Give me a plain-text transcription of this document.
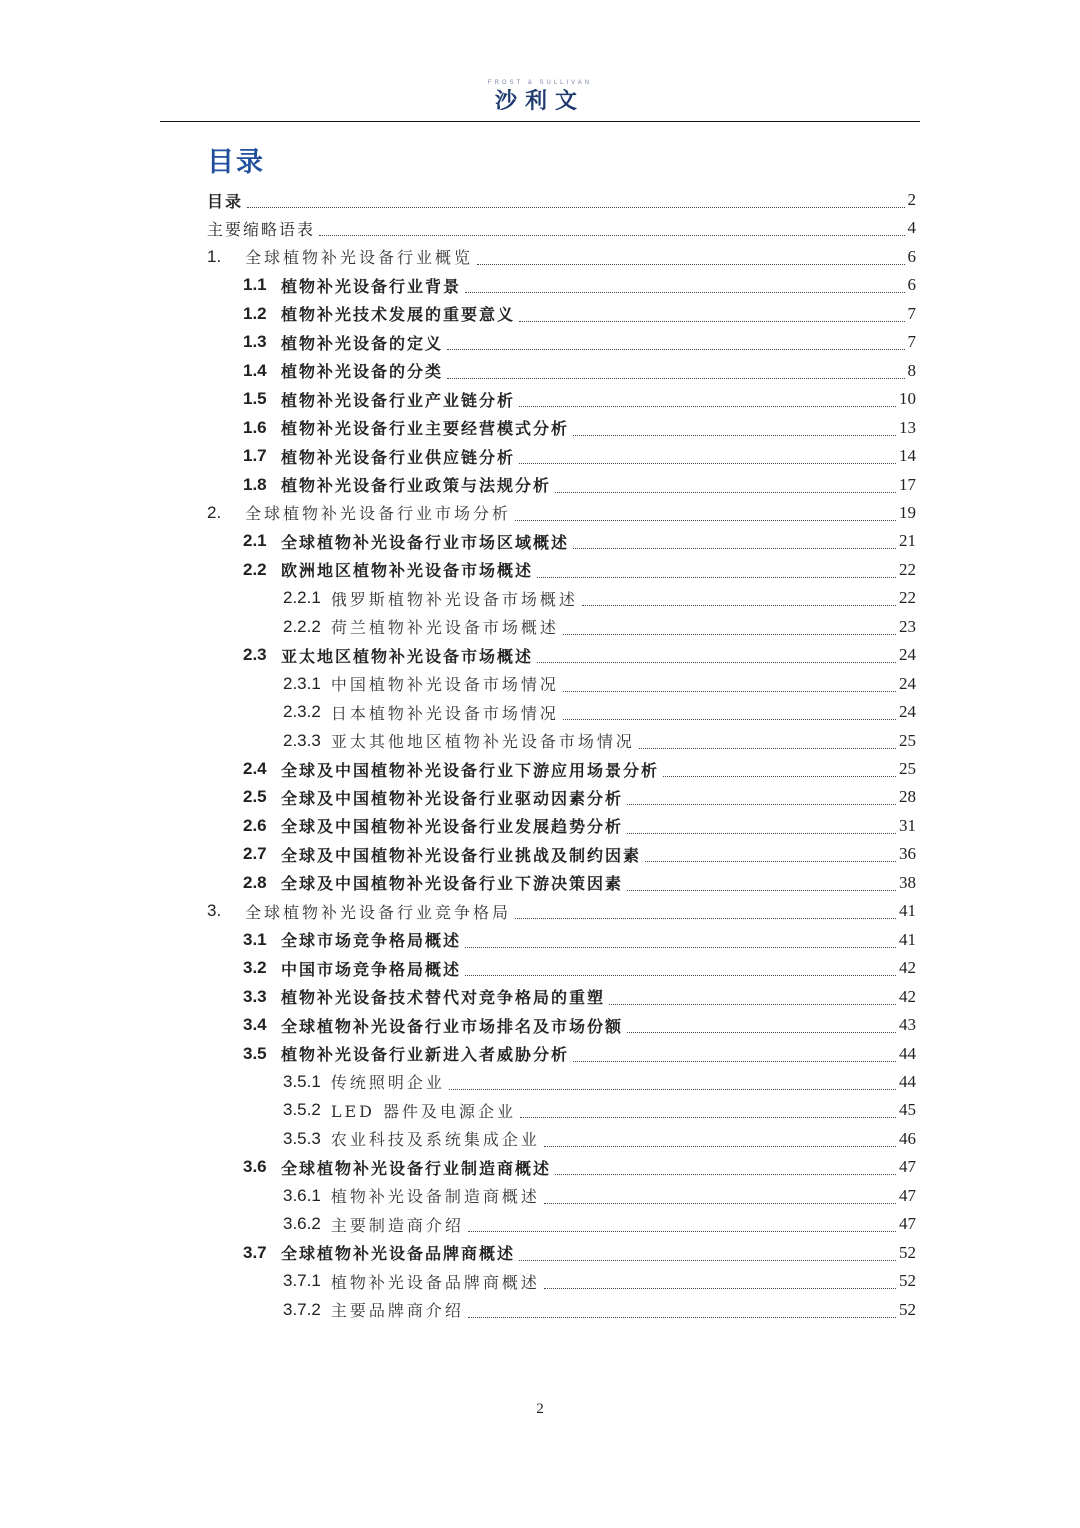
FROST & SULLIVAN
沙利文
目录
目录	2
主要缩略语表	4
1.	全球植物补光设备行业概览	6
1.1 植物补光设备行业背景	6
1.2 植物补光技术发展的重要意义	7
1.3 植物补光设备的定义	7
1.4 植物补光设备的分类	8
1.5 植物补光设备行业产业链分析	10
1.6 植物补光设备行业主要经营模式分析	13
1.7 植物补光设备行业供应链分析	14
1.8 植物补光设备行业政策与法规分析	17
2.	全球植物补光设备行业市场分析	19
2.1 全球植物补光设备行业市场区域概述	21
2.2 欧洲地区植物补光设备市场概述	22
2.2.1 俄罗斯植物补光设备市场概述	22
2.2.2 荷兰植物补光设备市场概述	23
2.3 亚太地区植物补光设备市场概述	24
2.3.1 中国植物补光设备市场情况	24
2.3.2 日本植物补光设备市场情况	24
2.3.3 亚太其他地区植物补光设备市场情况	25
2.4 全球及中国植物补光设备行业下游应用场景分析	25
2.5 全球及中国植物补光设备行业驱动因素分析	28
2.6 全球及中国植物补光设备行业发展趋势分析	31
2.7 全球及中国植物补光设备行业挑战及制约因素	36
2.8 全球及中国植物补光设备行业下游决策因素	38
3.	全球植物补光设备行业竞争格局	41
3.1 全球市场竞争格局概述	41
3.2 中国市场竞争格局概述	42
3.3 植物补光设备技术替代对竞争格局的重塑	42
3.4 全球植物补光设备行业市场排名及市场份额	43
3.5 植物补光设备行业新进入者威胁分析	44
3.5.1 传统照明企业	44
3.5.2 LED 器件及电源企业	45
3.5.3 农业科技及系统集成企业	46
3.6 全球植物补光设备行业制造商概述	47
3.6.1 植物补光设备制造商概述	47
3.6.2 主要制造商介绍	47
3.7 全球植物补光设备品牌商概述	52
3.7.1 植物补光设备品牌商概述	52
3.7.2 主要品牌商介绍	52
2
